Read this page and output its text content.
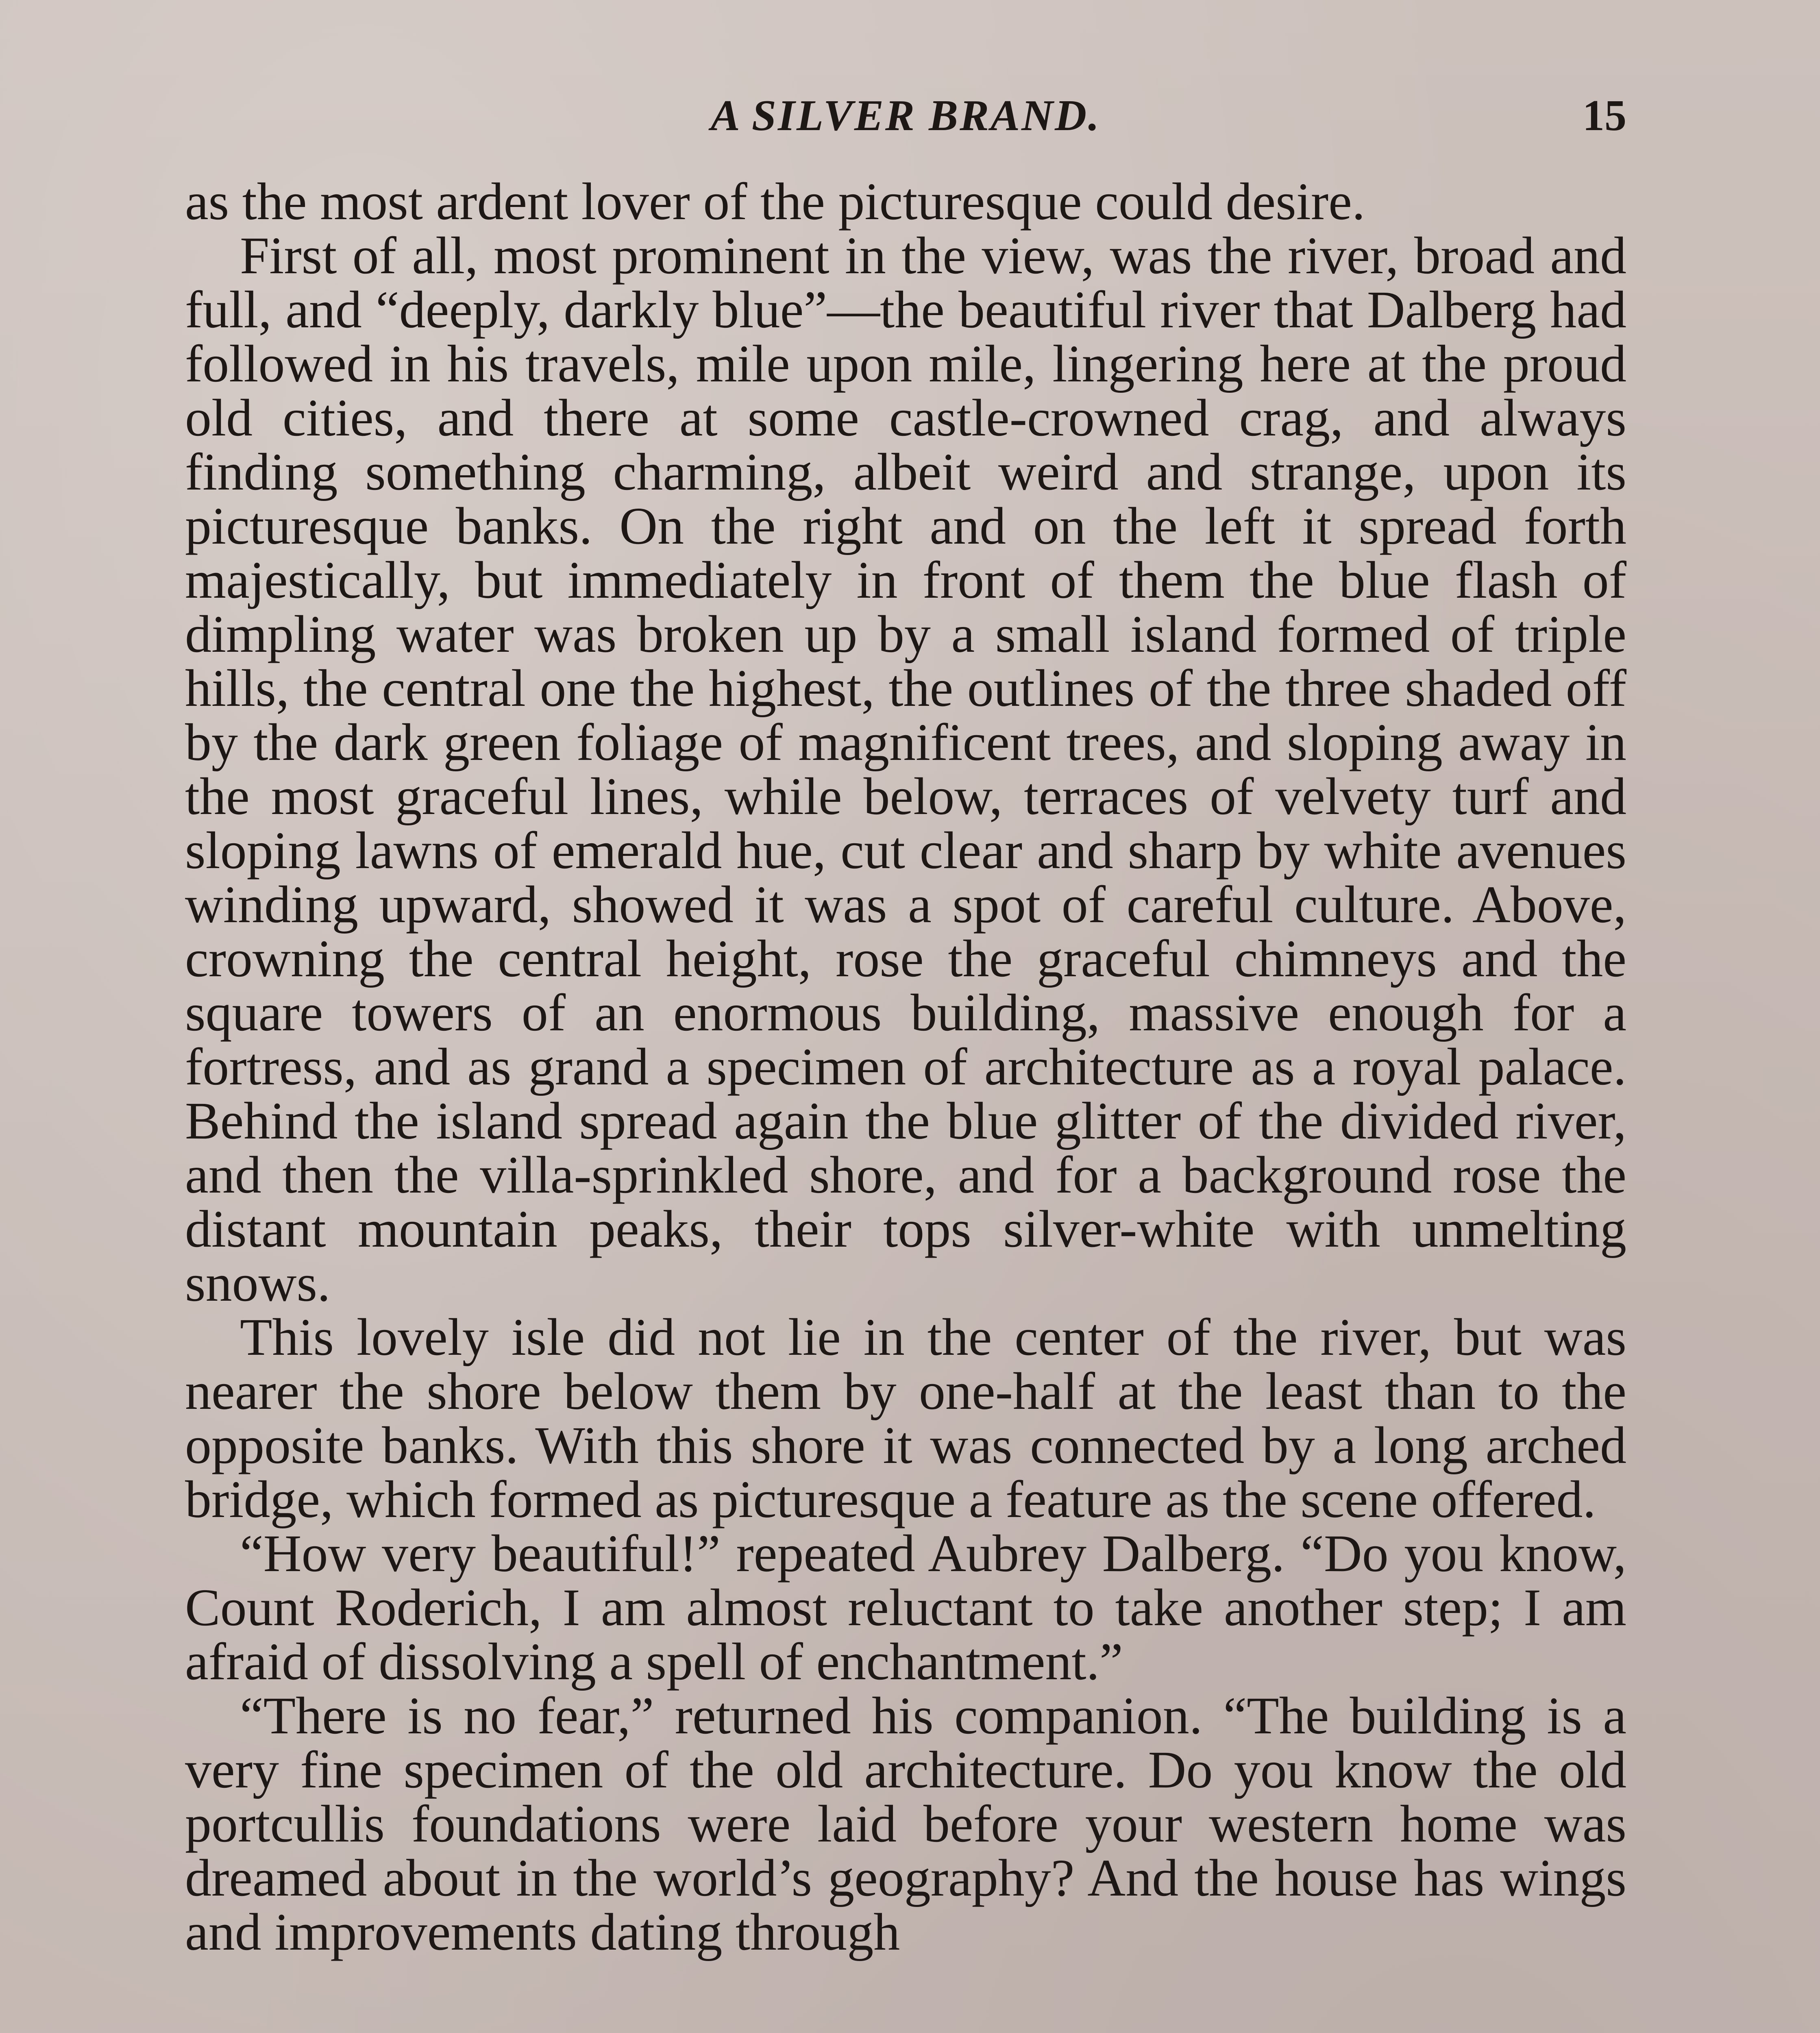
A SILVER BRAND.	15

as the most ardent lover of the picturesque could desire.

First of all, most prominent in the view, was the river, broad and full, and “deeply, darkly blue”—the beautiful river that Dalberg had followed in his travels, mile upon mile, lingering here at the proud old cities, and there at some castle-crowned crag, and always finding something charming, albeit weird and strange, upon its picturesque banks. On the right and on the left it spread forth majestically, but immediately in front of them the blue flash of dimpling water was broken up by a small island formed of triple hills, the central one the highest, the outlines of the three shaded off by the dark green foliage of magnificent trees, and sloping away in the most graceful lines, while below, terraces of velvety turf and sloping lawns of emerald hue, cut clear and sharp by white avenues winding upward, showed it was a spot of careful culture. Above, crowning the central height, rose the graceful chimneys and the square towers of an enormous building, massive enough for a fortress, and as grand a specimen of architecture as a royal palace. Behind the island spread again the blue glitter of the divided river, and then the villa-sprinkled shore, and for a background rose the distant mountain peaks, their tops silver-white with unmelting snows.

This lovely isle did not lie in the center of the river, but was nearer the shore below them by one-half at the least than to the opposite banks. With this shore it was connected by a long arched bridge, which formed as picturesque a feature as the scene offered.

“How very beautiful!” repeated Aubrey Dalberg. “Do you know, Count Roderich, I am almost reluctant to take another step; I am afraid of dissolving a spell of enchantment.”

“There is no fear,” returned his companion. “The building is a very fine specimen of the old architecture. Do you know the old portcullis foundations were laid before your western home was dreamed about in the world’s geography? And the house has wings and improvements dating through
